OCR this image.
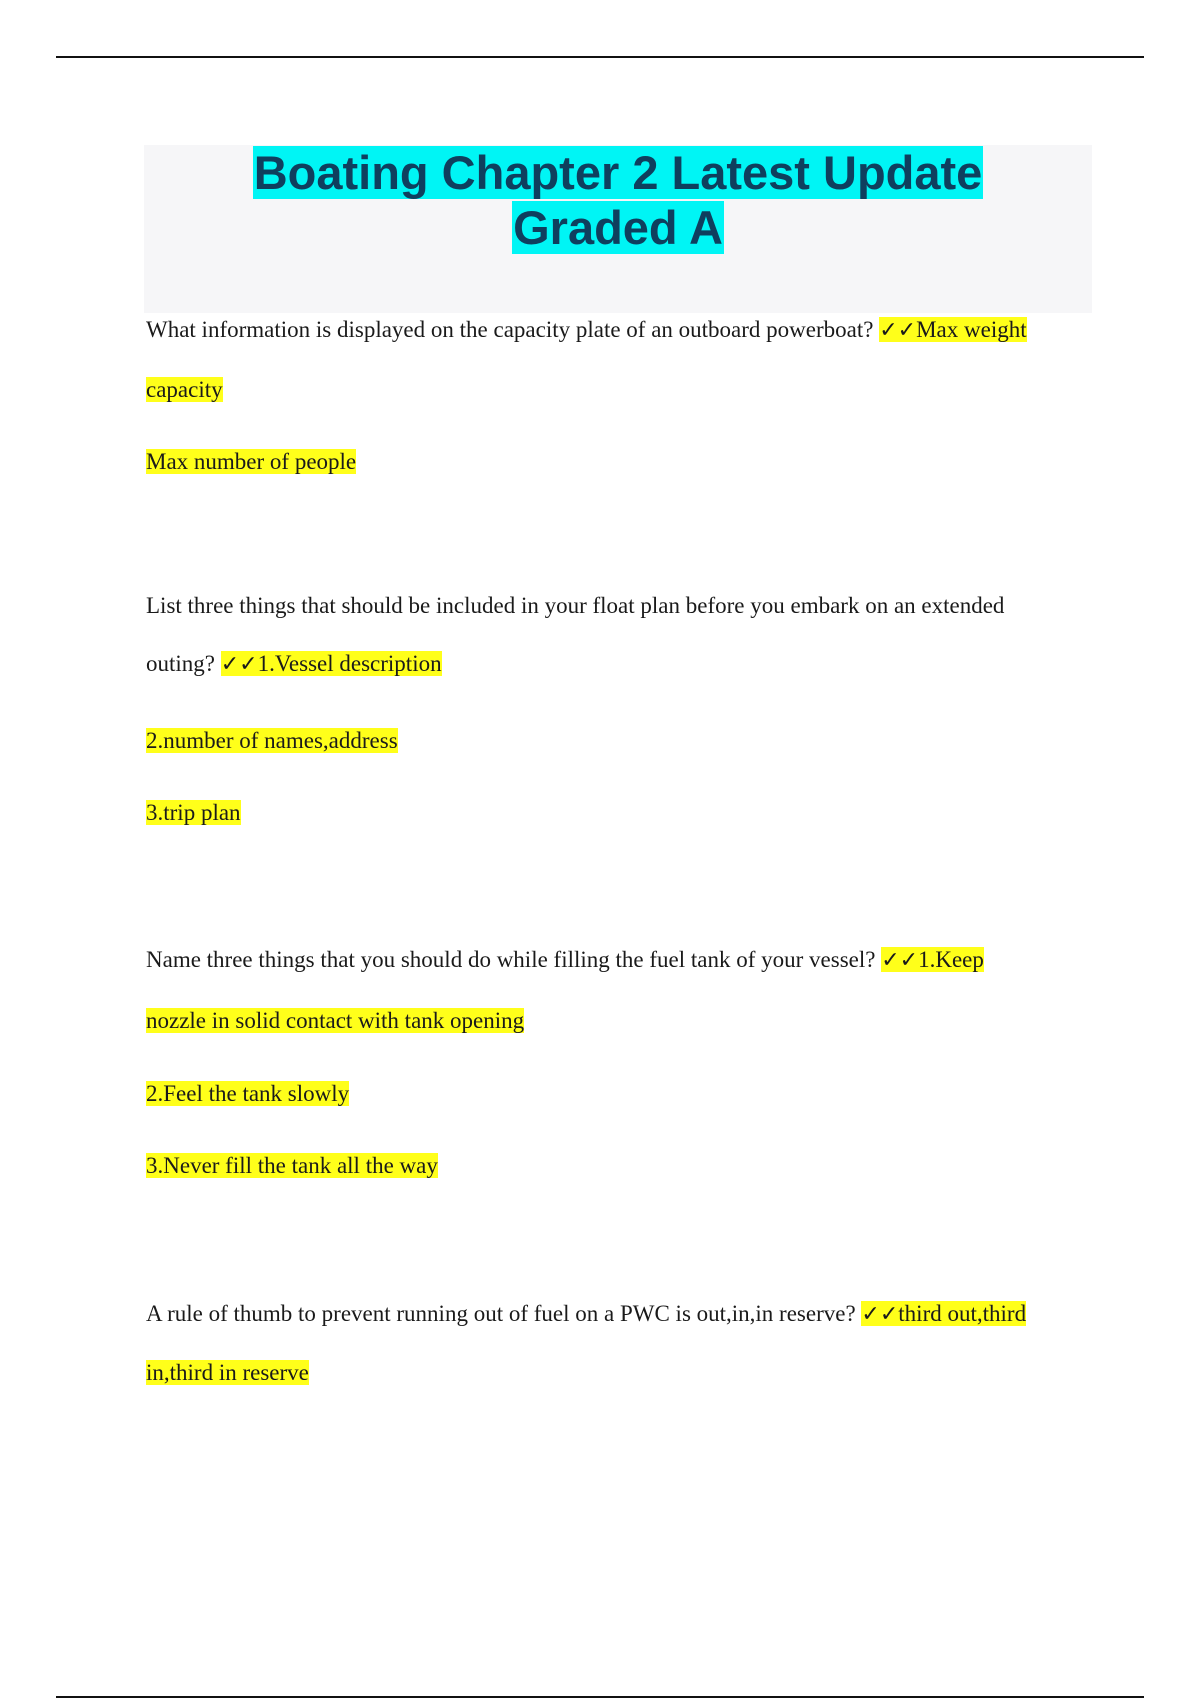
Boating Chapter 2 Latest Update
Graded A
What information is displayed on the capacity plate of an outboard powerboat? ✓✓Max weight
capacity
Max number of people
List three things that should be included in your float plan before you embark on an extended
outing? ✓✓1.Vessel description
2.number of names,address
3.trip plan
Name three things that you should do while filling the fuel tank of your vessel? ✓✓1.Keep
nozzle in solid contact with tank opening
2.Feel the tank slowly
3.Never fill the tank all the way
A rule of thumb to prevent running out of fuel on a PWC is out,in,in reserve? ✓✓third out,third
in,third in reserve
